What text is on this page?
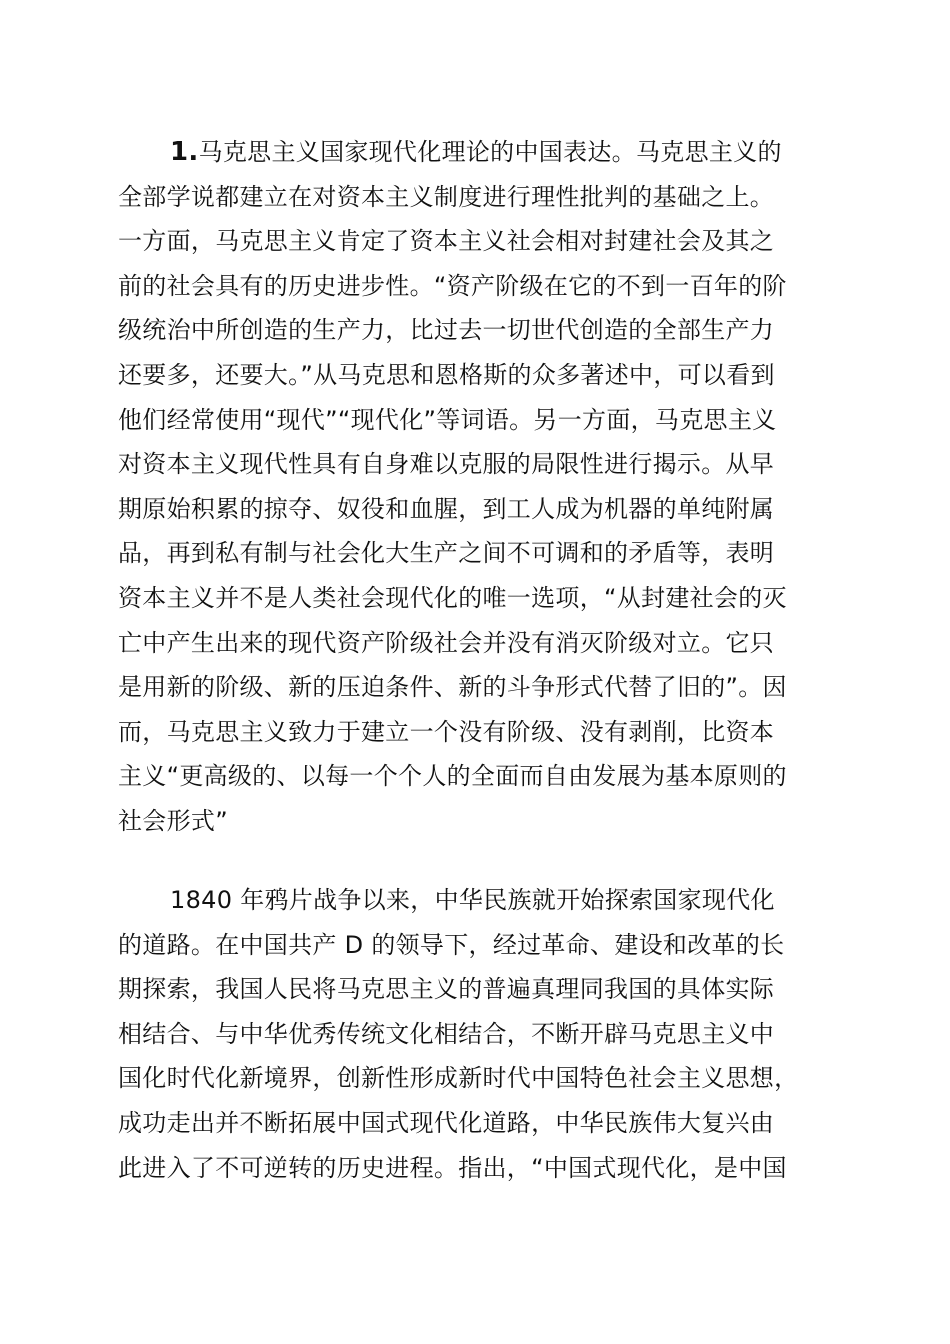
1.马克思主义国家现代化理论的中国表达。马克思主义的
全部学说都建立在对资本主义制度进行理性批判的基础之上。
一方面，马克思主义肯定了资本主义社会相对封建社会及其之
前的社会具有的历史进步性。“资产阶级在它的不到一百年的阶
级统治中所创造的生产力，比过去一切世代创造的全部生产力
还要多，还要大。”从马克思和恩格斯的众多著述中，可以看到
他们经常使用“现代”“现代化”等词语。另一方面，马克思主义
对资本主义现代性具有自身难以克服的局限性进行揭示。从早
期原始积累的掠夺、奴役和血腥，到工人成为机器的单纯附属
品，再到私有制与社会化大生产之间不可调和的矛盾等，表明
资本主义并不是人类社会现代化的唯一选项，“从封建社会的灭
亡中产生出来的现代资产阶级社会并没有消灭阶级对立。它只
是用新的阶级、新的压迫条件、新的斗争形式代替了旧的”。因
而，马克思主义致力于建立一个没有阶级、没有剥削，比资本
主义“更高级的、以每一个个人的全面而自由发展为基本原则的
社会形式”
1840 年鸦片战争以来，中华民族就开始探索国家现代化
的道路。在中国共产 D 的领导下，经过革命、建设和改革的长
期探索，我国人民将马克思主义的普遍真理同我国的具体实际
相结合、与中华优秀传统文化相结合，不断开辟马克思主义中
国化时代化新境界，创新性形成新时代中国特色社会主义思想，
成功走出并不断拓展中国式现代化道路，中华民族伟大复兴由
此进入了不可逆转的历史进程。指出，“中国式现代化，是中国
